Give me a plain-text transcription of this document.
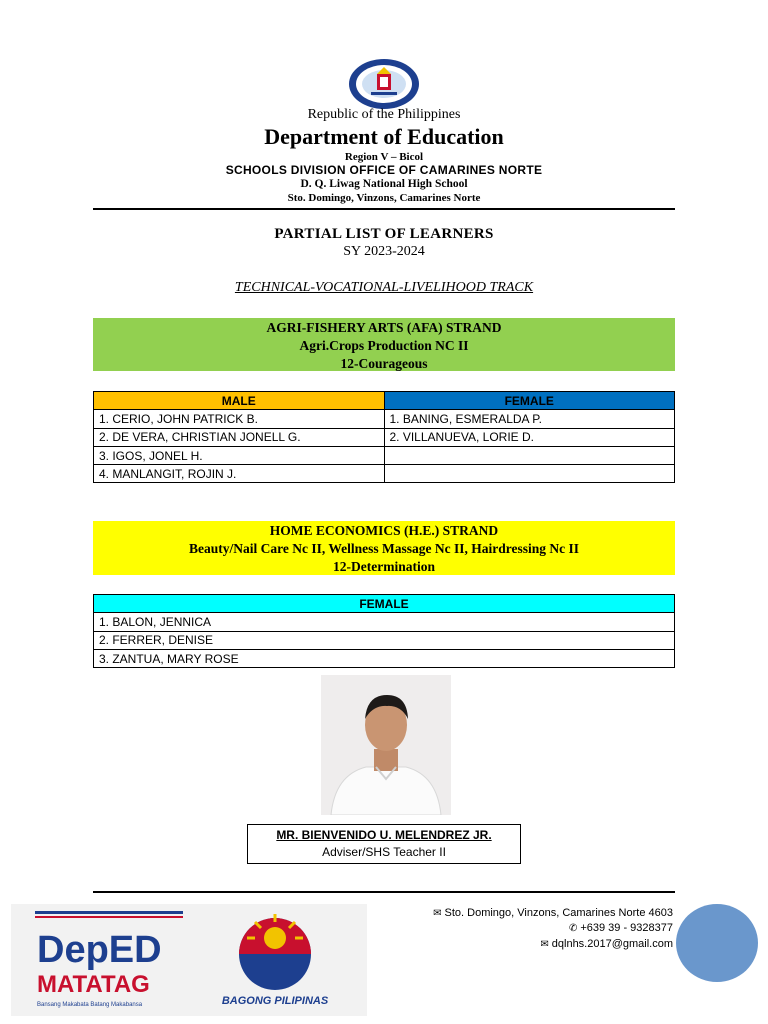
Republic of the Philippines
Department of Education
Region V – Bicol
SCHOOLS DIVISION OFFICE OF CAMARINES NORTE
D. Q. Liwag National High School
Sto. Domingo, Vinzons, Camarines Norte
PARTIAL LIST OF LEARNERS
SY 2023-2024
TECHNICAL-VOCATIONAL-LIVELIHOOD TRACK
AGRI-FISHERY ARTS (AFA) STRAND
Agri.Crops Production NC II
12-Courageous
MALE	FEMALE
1. CERIO, JOHN PATRICK B.	1. BANING, ESMERALDA P.
2. DE VERA, CHRISTIAN JONELL G.	2. VILLANUEVA, LORIE D.
3. IGOS, JONEL H.	
4. MANLANGIT, ROJIN J.	
HOME ECONOMICS (H.E.) STRAND
Beauty/Nail Care Nc II, Wellness Massage Nc II, Hairdressing Nc II
12-Determination
FEMALE
1. BALON, JENNICA
2. FERRER, DENISE
3. ZANTUA, MARY ROSE
MR. BIENVENIDO U. MELENDREZ JR.
Adviser/SHS Teacher II
DepED
MATATAG
Bansang Makabata Batang Makabansa	BAGONG PILIPINAS
✉ Sto. Domingo, Vinzons, Camarines Norte 4603
✆ +639 39 - 9328377
✉ dqlnhs.2017@gmail.com
